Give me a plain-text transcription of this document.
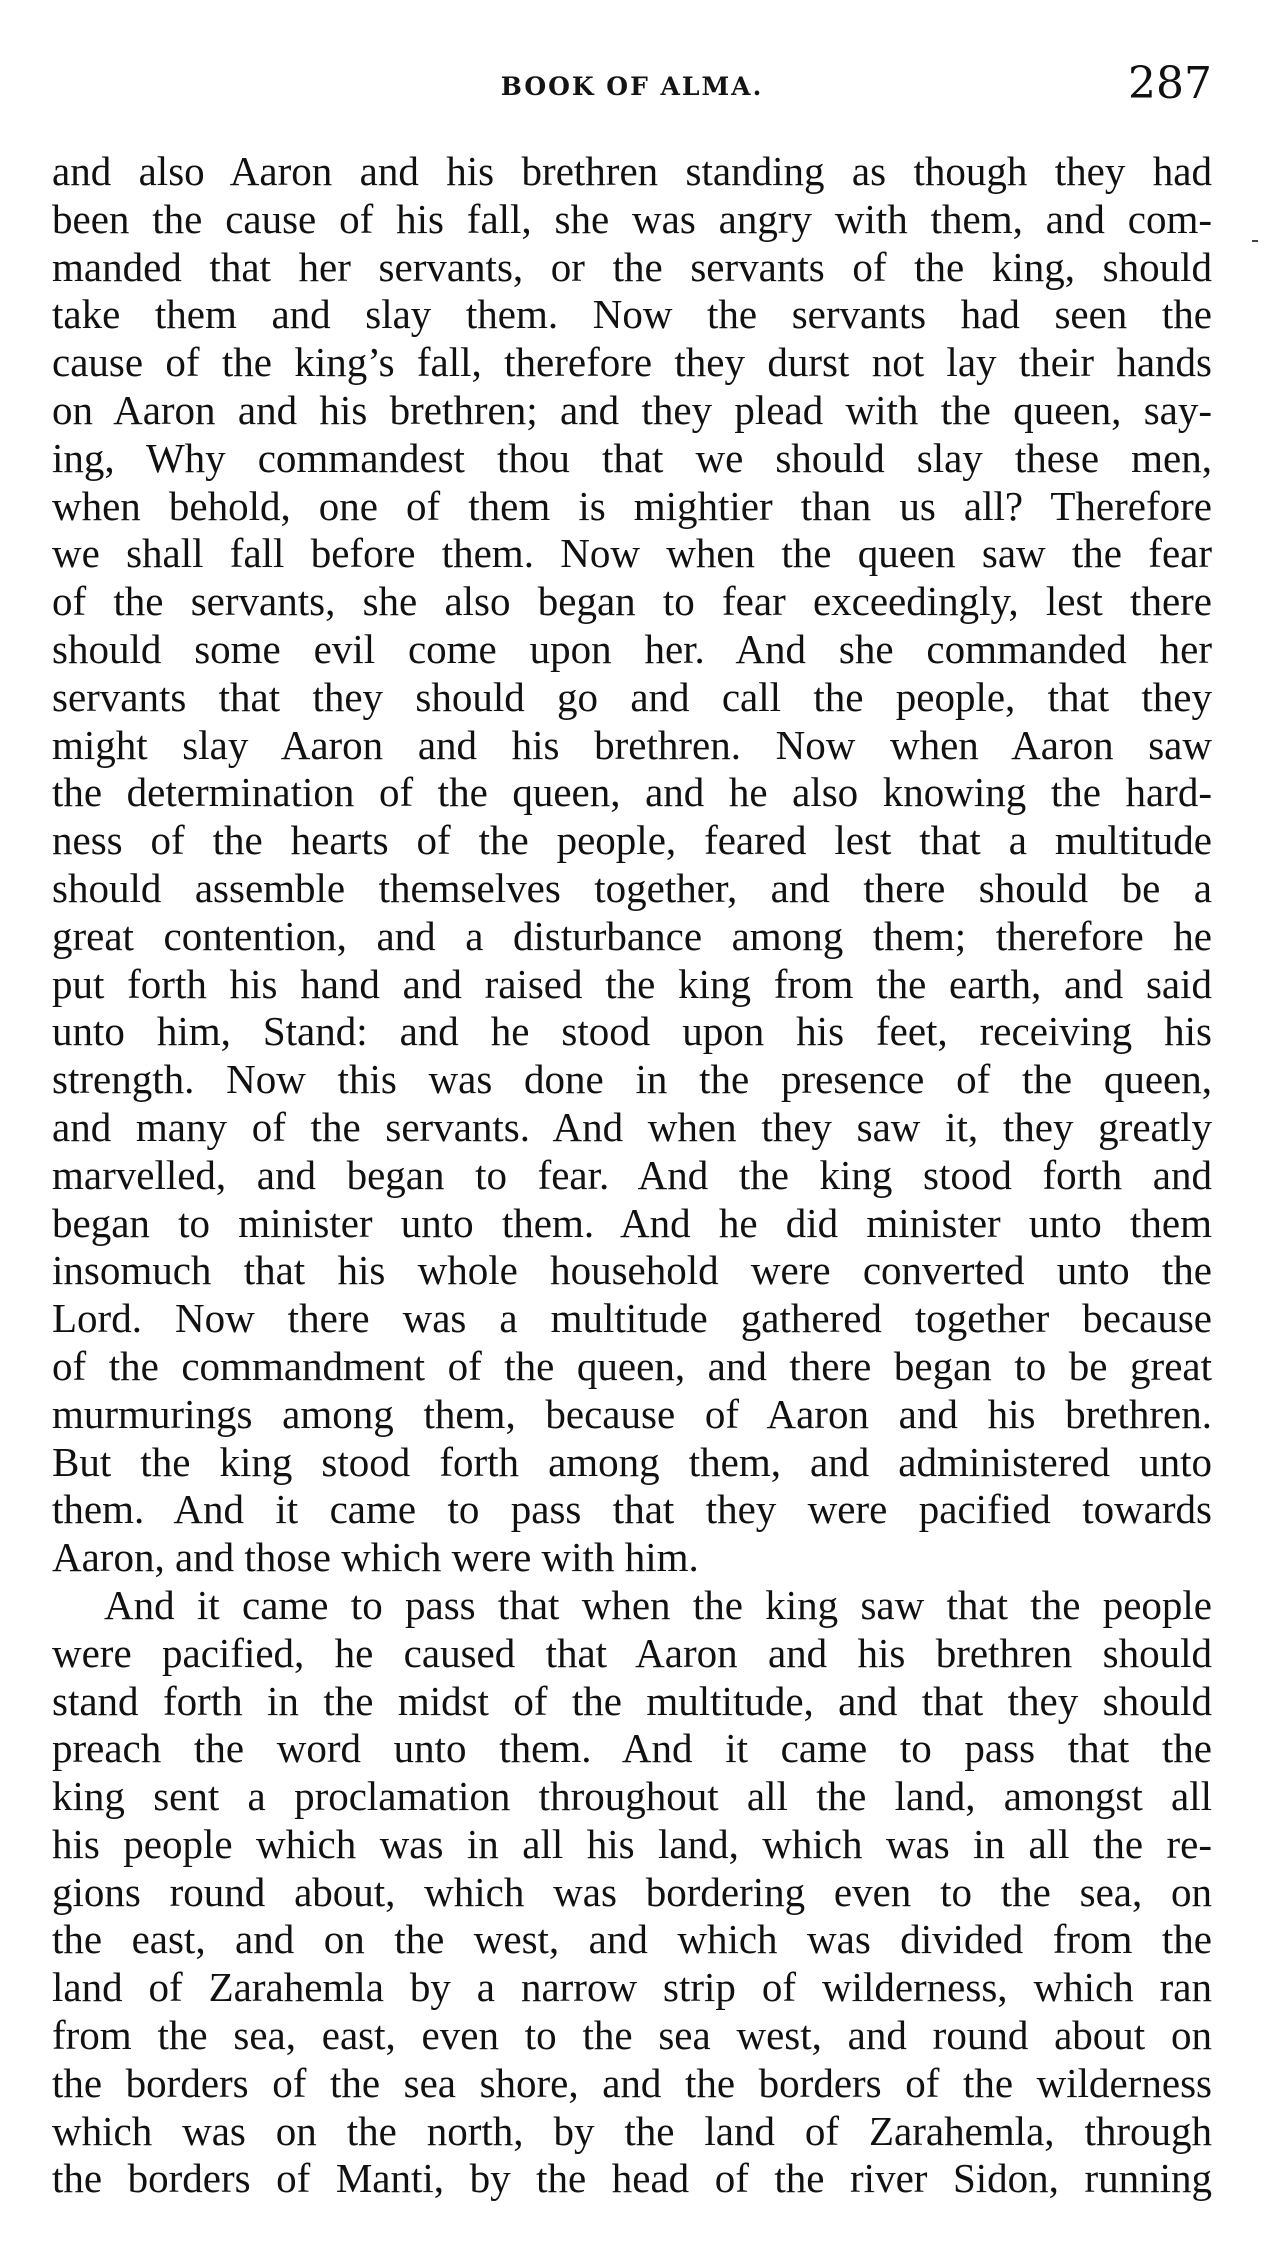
BOOK OF ALMA.	287
and also Aaron and his brethren standing as though they had
been the cause of his fall, she was angry with them, and com-
manded that her servants, or the servants of the king, should
take them and slay them. Now the servants had seen the
cause of the king’s fall, therefore they durst not lay their hands
on Aaron and his brethren; and they plead with the queen, say-
ing, Why commandest thou that we should slay these men,
when behold, one of them is mightier than us all? Therefore
we shall fall before them. Now when the queen saw the fear
of the servants, she also began to fear exceedingly, lest there
should some evil come upon her. And she commanded her
servants that they should go and call the people, that they
might slay Aaron and his brethren. Now when Aaron saw
the determination of the queen, and he also knowing the hard-
ness of the hearts of the people, feared lest that a multitude
should assemble themselves together, and there should be a
great contention, and a disturbance among them; therefore he
put forth his hand and raised the king from the earth, and said
unto him, Stand: and he stood upon his feet, receiving his
strength. Now this was done in the presence of the queen,
and many of the servants. And when they saw it, they greatly
marvelled, and began to fear. And the king stood forth and
began to minister unto them. And he did minister unto them
insomuch that his whole household were converted unto the
Lord. Now there was a multitude gathered together because
of the commandment of the queen, and there began to be great
murmurings among them, because of Aaron and his brethren.
But the king stood forth among them, and administered unto
them. And it came to pass that they were pacified towards
Aaron, and those which were with him.
And it came to pass that when the king saw that the people
were pacified, he caused that Aaron and his brethren should
stand forth in the midst of the multitude, and that they should
preach the word unto them. And it came to pass that the
king sent a proclamation throughout all the land, amongst all
his people which was in all his land, which was in all the re-
gions round about, which was bordering even to the sea, on
the east, and on the west, and which was divided from the
land of Zarahemla by a narrow strip of wilderness, which ran
from the sea, east, even to the sea west, and round about on
the borders of the sea shore, and the borders of the wilderness
which was on the north, by the land of Zarahemla, through
the borders of Manti, by the head of the river Sidon, running
